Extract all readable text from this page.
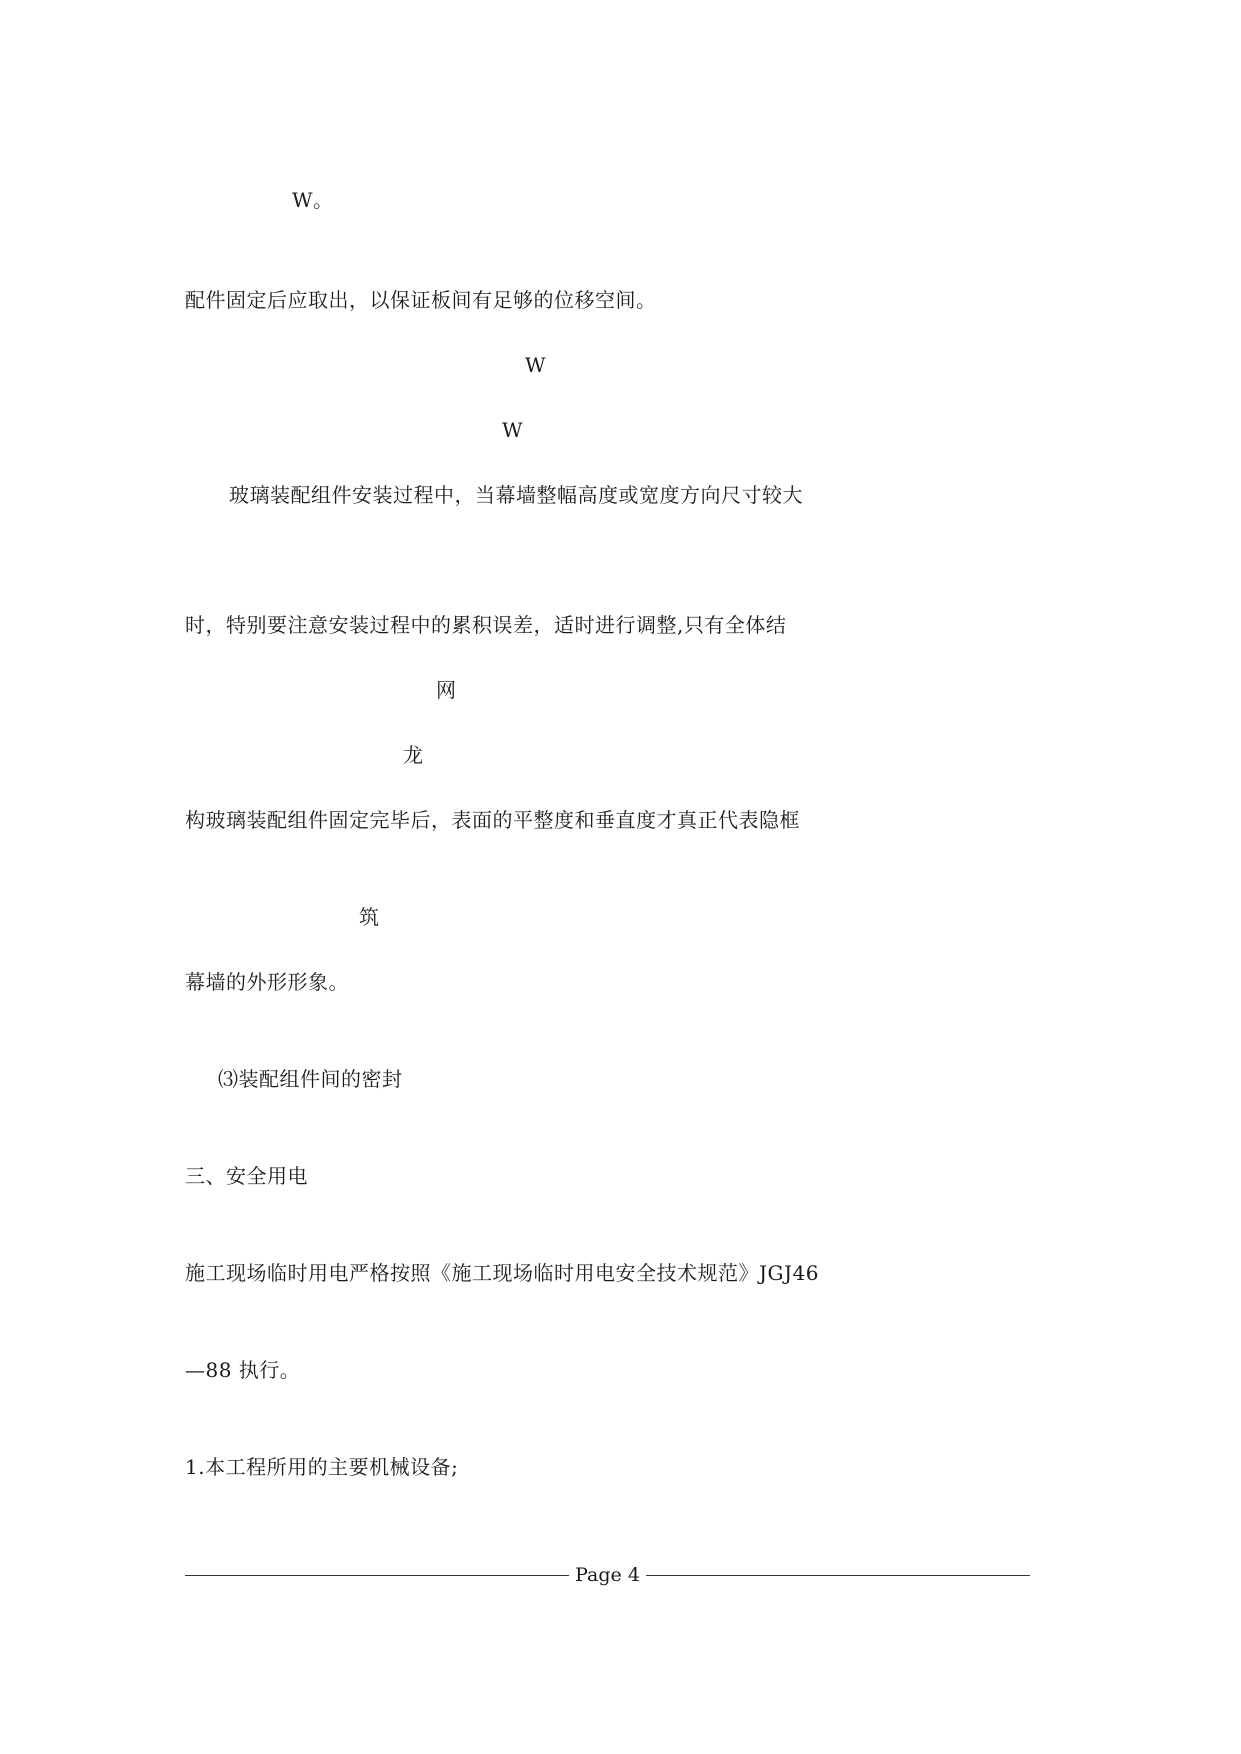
W。
配件固定后应取出，以保证板间有足够的位移空间。
W
W
玻璃装配组件安装过程中，当幕墙整幅高度或宽度方向尺寸较大
时，特别要注意安装过程中的累积误差，适时进行调整,只有全体结
网
龙
构玻璃装配组件固定完毕后，表面的平整度和垂直度才真正代表隐框
筑
幕墙的外形形象。
⑶装配组件间的密封
三、安全用电
施工现场临时用电严格按照《施工现场临时用电安全技术规范》JGJ46
—88 执行。
1.本工程所用的主要机械设备;
Page 4
